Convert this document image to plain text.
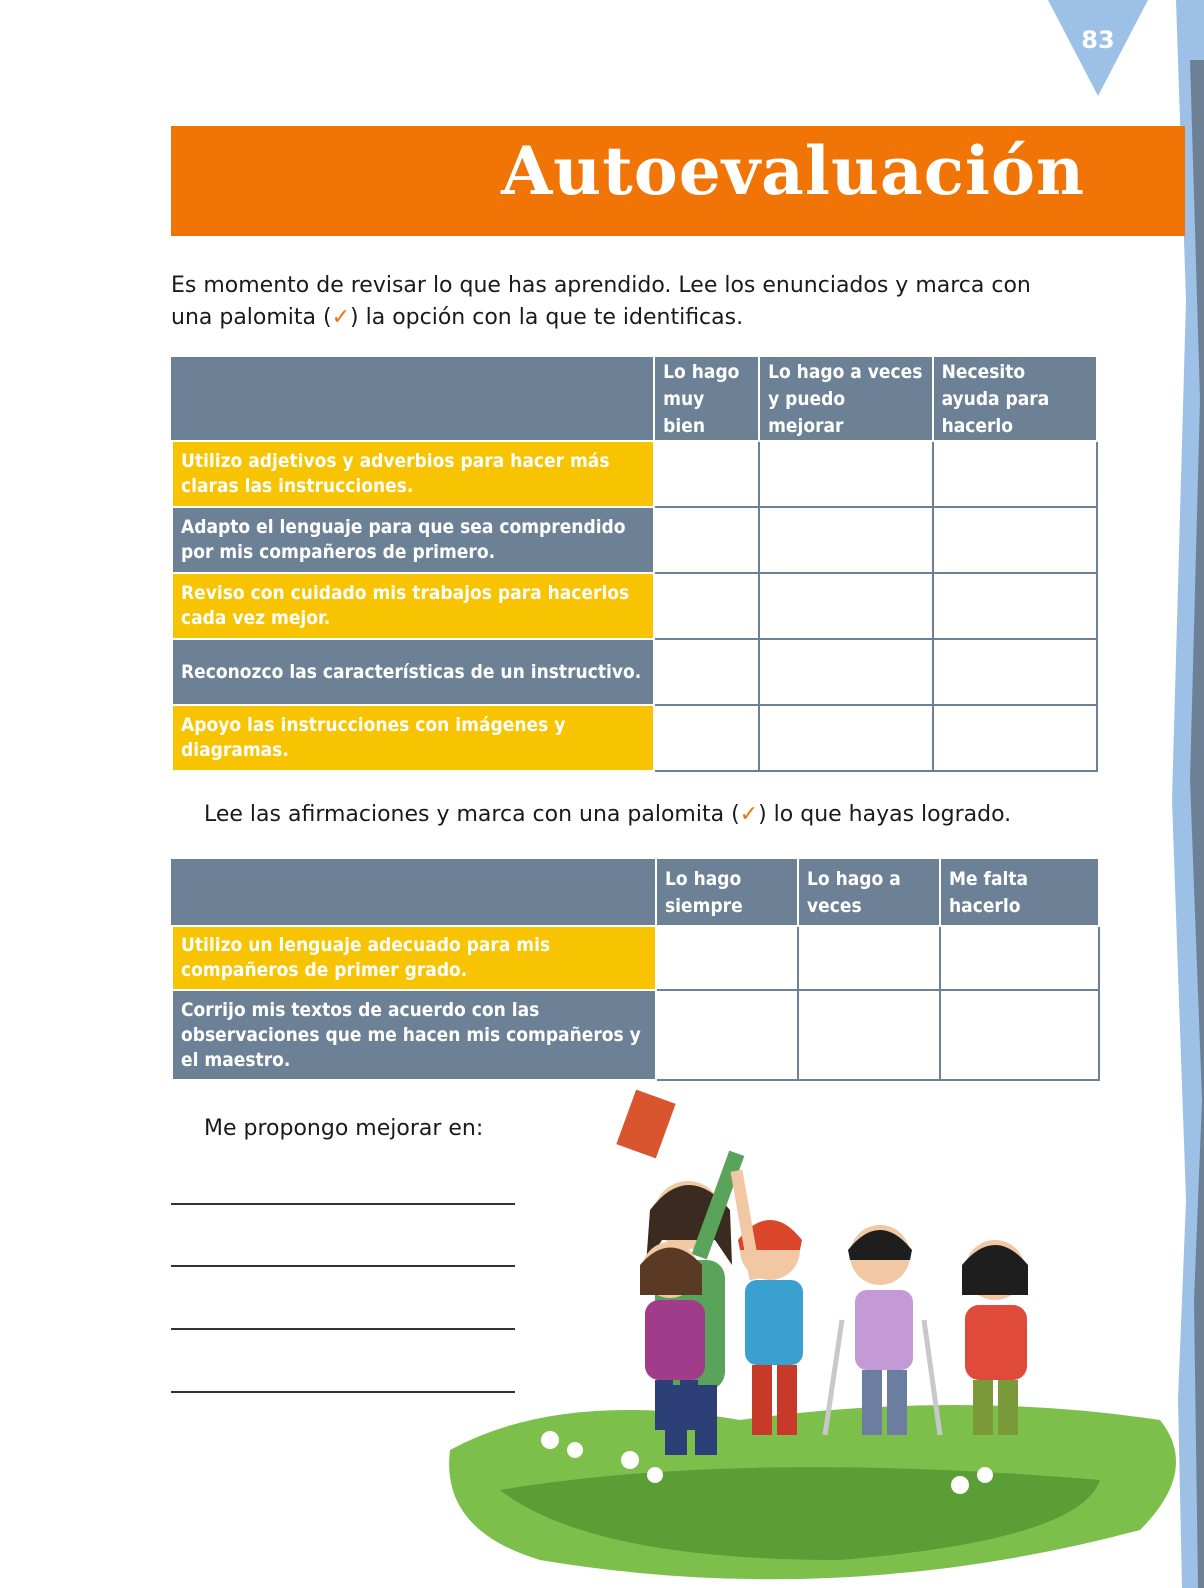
83
Autoevaluación
Es momento de revisar lo que has aprendido. Lee los enunciados y marca con una palomita (✓) la opción con la que te identificas.
	Lo hago muy bien	Lo hago a veces y puedo mejorar	Necesito ayuda para hacerlo
Utilizo adjetivos y adverbios para hacer más claras las instrucciones.			
Adapto el lenguaje para que sea comprendido por mis compañeros de primero.			
Reviso con cuidado mis trabajos para hacerlos cada vez mejor.			
Reconozco las características de un instructivo.			
Apoyo las instrucciones con imágenes y diagramas.			
Lee las afirmaciones y marca con una palomita (✓) lo que hayas logrado.
	Lo hago siempre	Lo hago a veces	Me falta hacerlo
Utilizo un lenguaje adecuado para mis compañeros de primer grado.			
Corrijo mis textos de acuerdo con las observaciones que me hacen mis compañeros y el maestro.			
Me propongo mejorar en:
